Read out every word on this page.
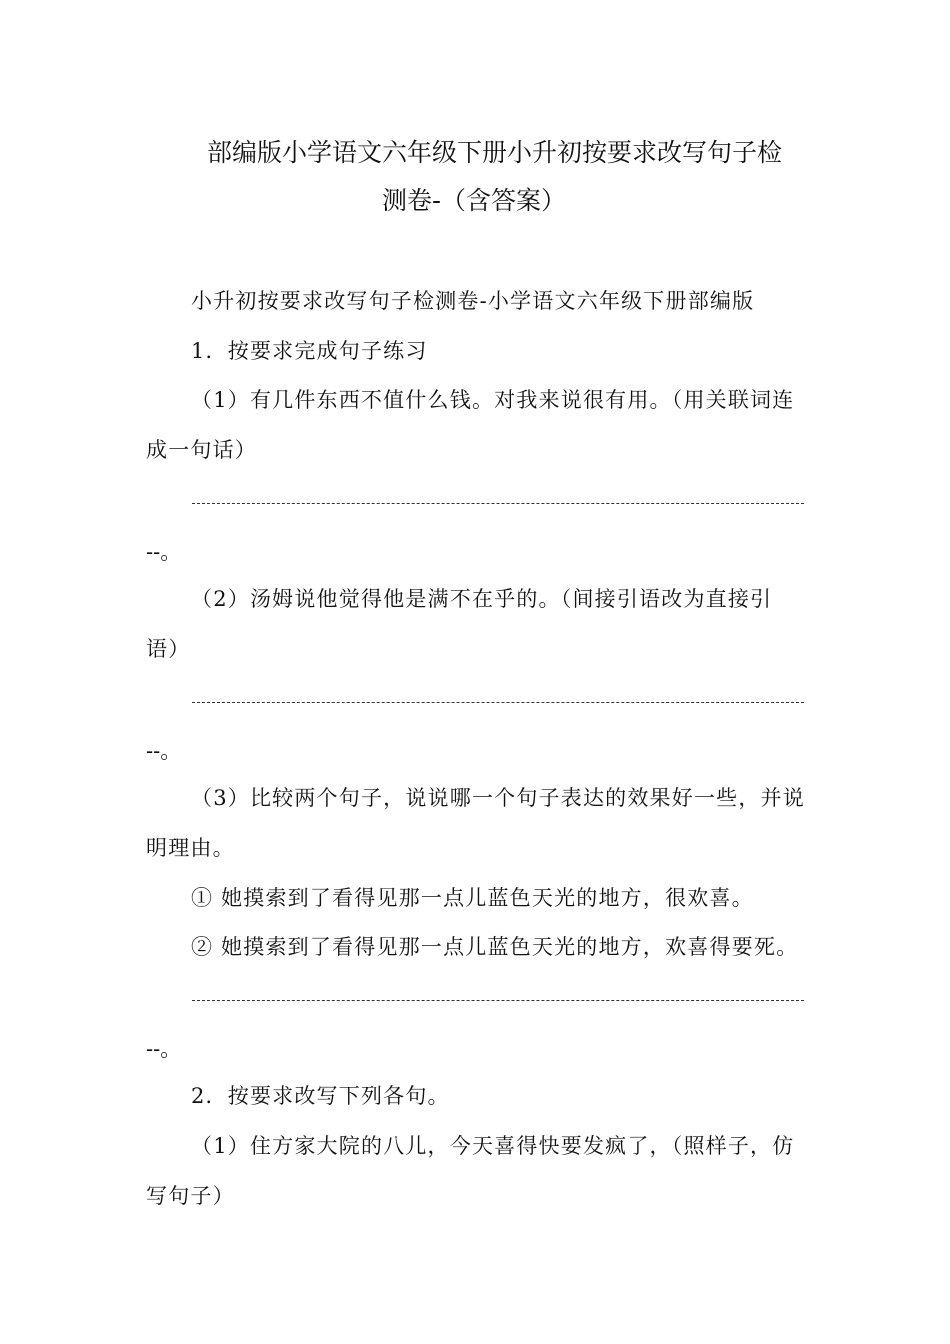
部编版小学语文六年级下册小升初按要求改写句子检
测卷-（含答案）
小升初按要求改写句子检测卷-小学语文六年级下册部编版
1．按要求完成句子练习
（1）有几件东西不值什么钱。对我来说很有用。（用关联词连
成一句话）
--。
（2）汤姆说他觉得他是满不在乎的。（间接引语改为直接引
语）
--。
（3）比较两个句子，说说哪一个句子表达的效果好一些，并说
明理由。
① 她摸索到了看得见那一点儿蓝色天光的地方，很欢喜。
② 她摸索到了看得见那一点儿蓝色天光的地方，欢喜得要死。
--。
2．按要求改写下列各句。
（1）住方家大院的八儿，今天喜得快要发疯了，（照样子，仿
写句子）
